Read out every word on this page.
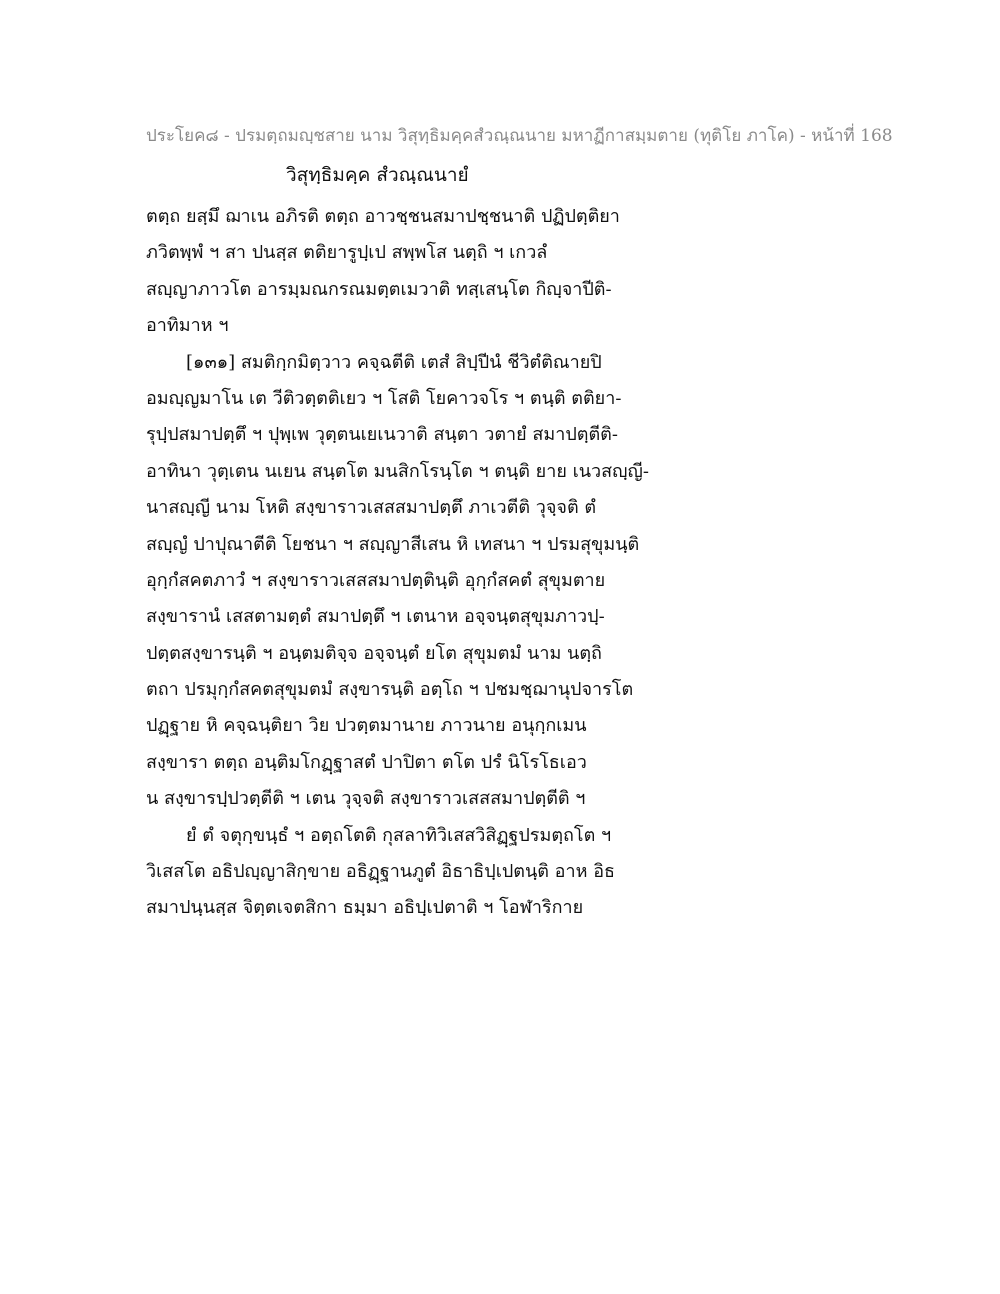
ประโยค๘ - ปรมตฺถมญฺชสาย นาม วิสุทฺธิมคฺคสํวณฺณนาย มหาฏีกาสมฺมตาย (ทุติโย ภาโค) - หน้าที่ 168
วิสุทฺธิมคฺค สํวณฺณนายํ
ตตฺถ ยสฺมึ ฌาเน อภิรติ ตตฺถ อาวชฺชนสมาปชฺชนาติ ปฏิปตฺติยา
ภวิตพฺพํ ฯ สา ปนสฺส ตติยารูปฺเป สพฺพโส นตฺถิ ฯ เกวลํ
สญฺญาภาวโต อารมฺมณกรณมตฺตเมวาติ ทสฺเสนฺโต กิญฺจาปีติ-
อาทิมาห ฯ
[๑๓๑] สมติกฺกมิตฺวาว คจฺฉตีติ เตสํ สิปฺปีนํ ชีวิตํติณายปิ
อมญฺญมาโน เต วีติวตฺตติเยว ฯ โสติ โยคาวจโร ฯ ตนฺติ ตติยา-
รุปฺปสมาปตฺตึ ฯ ปุพฺเพ วุตฺตนเยเนวาติ สนฺตา วตายํ สมาปตฺตีติ-
อาทินา วุตฺเตน นเยน สนฺตโต มนสิกโรนฺโต ฯ ตนฺติ ยาย เนวสญฺญี-
นาสญฺญี นาม โหติ สงฺขาราวเสสสมาปตฺตึ ภาเวตีติ วุจฺจติ ตํ
สญฺญํ ปาปุณาตีติ โยชนา ฯ สญฺญาสีเสน หิ เทสนา ฯ ปรมสุขุมนฺติ
อุกฺกํสคตภาวํ ฯ สงฺขาราวเสสสมาปตฺตินฺติ อุกฺกํสคตํ สุขุมตาย
สงฺขารานํ เสสตามตฺตํ สมาปตฺตึ ฯ เตนาห อจฺจนฺตสุขุมภาวปฺ-
ปตฺตสงฺขารนฺติ ฯ อนฺตมติจฺจ อจฺจนฺตํ ยโต สุขุมตมํ นาม นตฺถิ
ตถา ปรมุกฺกํสคตสุขุมตมํ สงฺขารนฺติ อตฺโถ ฯ ปชมชฺฌานุปจารโต
ปฏฺฐาย หิ คจฺฉนฺติยา วิย ปวตฺตมานาย ภาวนาย อนุกฺกเมน
สงฺขารา ตตฺถ อนฺติมโกฏฺฐาสตํ ปาปิตา ตโต ปรํ นิโรโธเอว
น สงฺขารปฺปวตฺตีติ ฯ เตน วุจฺจติ สงฺขาราวเสสสมาปตฺตีติ ฯ
ยํ ตํ จตุกฺขนฺธํ ฯ อตฺถโตติ กุสลาทิวิเสสวิสิฏฺฐปรมตฺถโต ฯ
วิเสสโต อธิปญฺญาสิกฺขาย อธิฏฺฐานภูตํ อิธาธิปฺเปตนฺติ อาห อิธ
สมาปนฺนสฺส จิตฺตเจตสิกา ธมฺมา อธิปฺเปตาติ ฯ โอฬาริกาย
